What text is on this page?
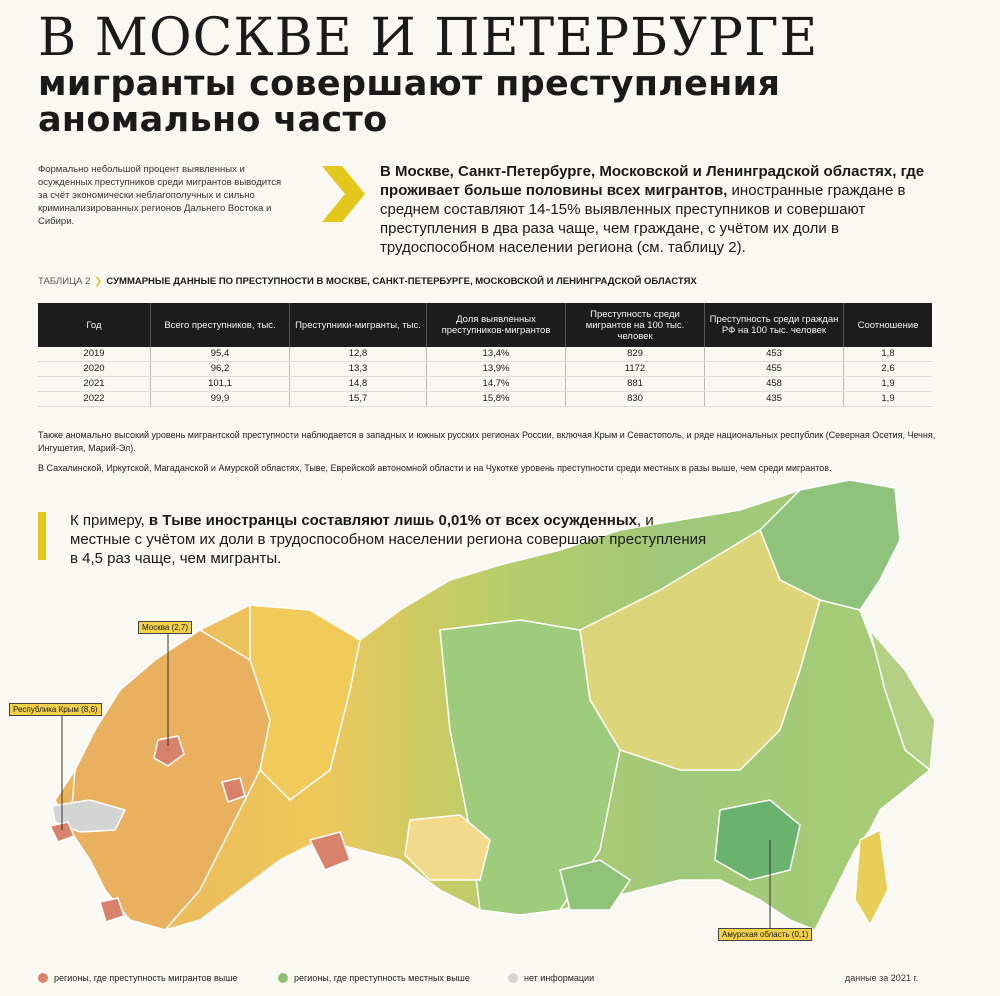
В МОСКВЕ И ПЕТЕРБУРГЕ
мигранты совершают преступления аномально часто
Формально небольшой процент выявленных и осужденных преступников среди мигрантов выводится за счёт экономически неблагополучных и сильно криминализированных регионов Дальнего Востока и Сибири.
В Москве, Санкт-Петербурге, Московской и Ленинградской областях, где проживает больше половины всех мигрантов, иностранные граждане в среднем составляют 14-15% выявленных преступников и совершают преступления в два раза чаще, чем граждане, с учётом их доли в трудоспособном населении региона (см. таблицу 2).
ТАБЛИЦА 2 ❯ СУММАРНЫЕ ДАННЫЕ ПО ПРЕСТУПНОСТИ В МОСКВЕ, САНКТ-ПЕТЕРБУРГЕ, МОСКОВСКОЙ И ЛЕНИНГРАДСКОЙ ОБЛАСТЯХ
Год	Всего преступников, тыс.	Преступники-мигранты, тыс.	Доля выявленных преступников-мигрантов	Преступность среди мигрантов на 100 тыс. человек	Преступность среди граждан РФ на 100 тыс. человек	Соотношение
2019	95,4	12,8	13,4%	829	453	1,8
2020	96,2	13,3	13,9%	1172	455	2,6
2021	101,1	14,8	14,7%	881	458	1,9
2022	99,9	15,7	15,8%	830	435	1,9
Также аномально высокий уровень мигрантской преступности наблюдается в западных и южных русских регионах России, включая Крым и Севастополь, и ряде национальных республик (Северная Осетия, Чечня, Ингушетия, Марий-Эл).
В Сахалинской, Иркутской, Магаданской и Амурской областях, Тыве, Еврейской автономной области и на Чукотке уровень преступности среди местных в разы выше, чем среди мигрантов.
К примеру, в Тыве иностранцы составляют лишь 0,01% от всех осужденных, и местные с учётом их доли в трудоспособном населении региона совершают преступления в 4,5 раз чаще, чем мигранты.
Москва (2,7)
Республика Крым (8,6)
Амурская область (0,1)
регионы, где преступность мигрантов выше	регионы, где преступность местных выше	нет информации	данные за 2021 г.
